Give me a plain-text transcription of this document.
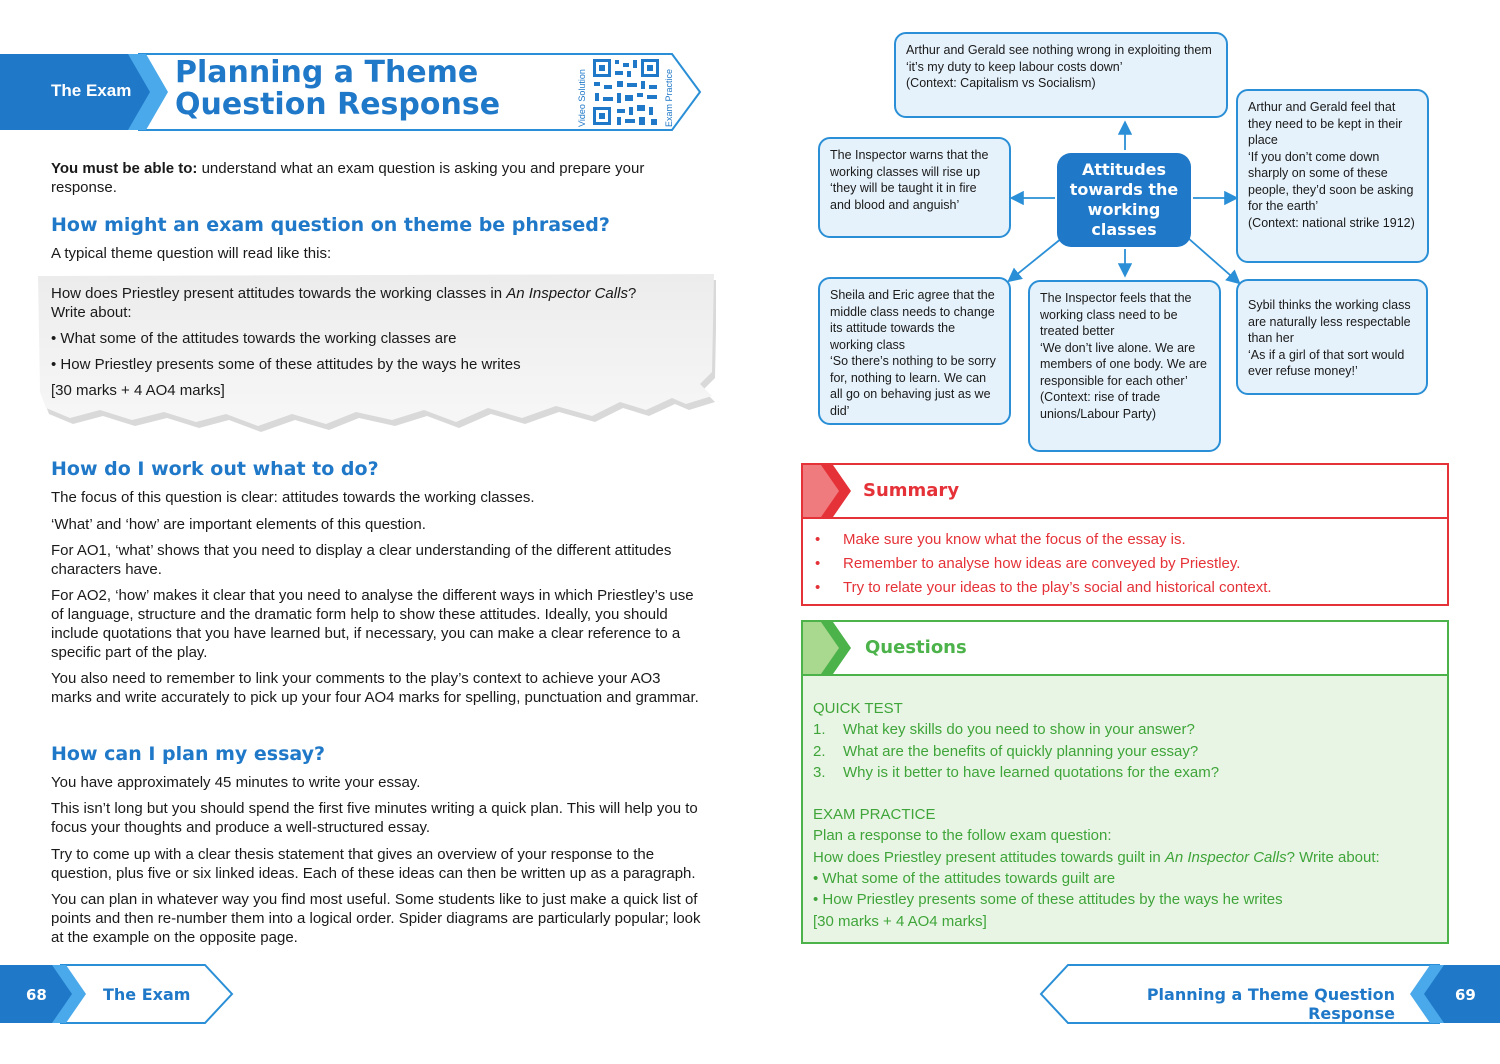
The Exam
Planning a Theme
Question Response	Video Solution	Exam Practice

You must be able to: understand what an exam question is asking you and prepare your response.

How might an exam question on theme be phrased?
A typical theme question will read like this:

How does Priestley present attitudes towards the working classes in An Inspector Calls?

Write about:

• What some of the attitudes towards the working classes are

• How Priestley presents some of these attitudes by the ways he writes

[30 marks + 4 AO4 marks]

How do I work out what to do?
The focus of this question is clear: attitudes towards the working classes.
‘What’ and ‘how’ are important elements of this question.
For AO1, ‘what’ shows that you need to display a clear understanding of the different attitudes characters have.
For AO2, ‘how’ makes it clear that you need to analyse the different ways in which Priestley’s use of language, structure and the dramatic form help to show these attitudes. Ideally, you should include quotations that you have learned but, if necessary, you can make a clear reference to a specific part of the play.
You also need to remember to link your comments to the play’s context to achieve your AO3 marks and write accurately to pick up your four AO4 marks for spelling, punctuation and grammar.
How can I plan my essay?
You have approximately 45 minutes to write your essay.
This isn’t long but you should spend the first five minutes writing a quick plan. This will help you to focus your thoughts and produce a well-structured essay.
Try to come up with a clear thesis statement that gives an overview of your response to the question, plus five or six linked ideas. Each of these ideas can then be written up as a paragraph.
You can plan in whatever way you find most useful. Some students like to just make a quick list of points and then re-number them into a logical order. Spider diagrams are particularly popular; look at the example on the opposite page.
68	The Exam
Attitudes towards the working classes
Arthur and Gerald see nothing wrong in exploiting them
‘it’s my duty to keep labour costs down’
(Context: Capitalism vs Socialism)
The Inspector warns that the working classes will rise up ‘they will be taught it in fire and blood and anguish’
Arthur and Gerald feel that they need to be kept in their place
‘If you don’t come down sharply on some of these people, they’d soon be asking for the earth’
(Context: national strike 1912)
Sheila and Eric agree that the middle class needs to change its attitude towards the working class
‘So there’s nothing to be sorry for, nothing to learn. We can all go on behaving just as we did’
The Inspector feels that the working class need to be treated better
‘We don’t live alone. We are members of one body. We are responsible for each other’
(Context: rise of trade unions/Labour Party)
Sybil thinks the working class are naturally less respectable than her
‘As if a girl of that sort would ever refuse money!’
Summary
•	Make sure you know what the focus of the essay is.
•	Remember to analyse how ideas are conveyed by Priestley.
•	Try to relate your ideas to the play’s social and historical context.
Questions
QUICK TEST
1.	What key skills do you need to show in your answer?
2.	What are the benefits of quickly planning your essay?
3.	Why is it better to have learned quotations for the exam?
EXAM PRACTICE
Plan a response to the follow exam question:
How does Priestley present attitudes towards guilt in An Inspector Calls? Write about:
• What some of the attitudes towards guilt are
• How Priestley presents some of these attitudes by the ways he writes
[30 marks + 4 AO4 marks]
Planning a Theme Question Response
69
